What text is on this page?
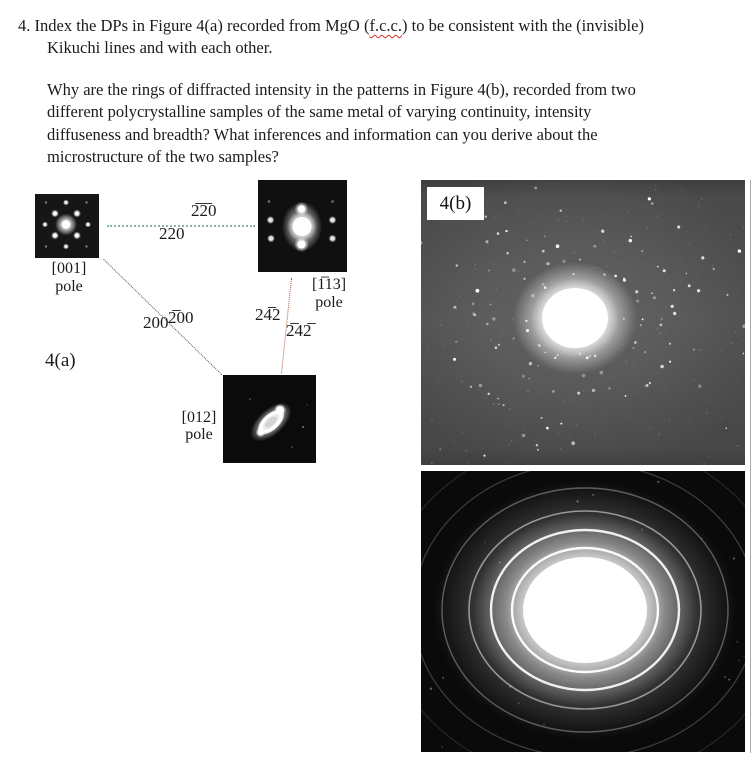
4. Index the DPs in Figure 4(a) recorded from MgO (f.c.c.) to be consistent with the (invisible)
Kikuchi lines and with each other.
Why are the rings of diffracted intensity in the patterns in Figure 4(b), recorded from two
different polycrystalline samples of the same metal of varying continuity, intensity
diffuseness and breadth? What inferences and information can you derive about the
microstructure of the two samples?
[001]
pole	[1̅13]
pole
[012]
pole
2̅2̅0
220
200 2̅00	24̅2
2̅42̅
4(a)
4(b)
